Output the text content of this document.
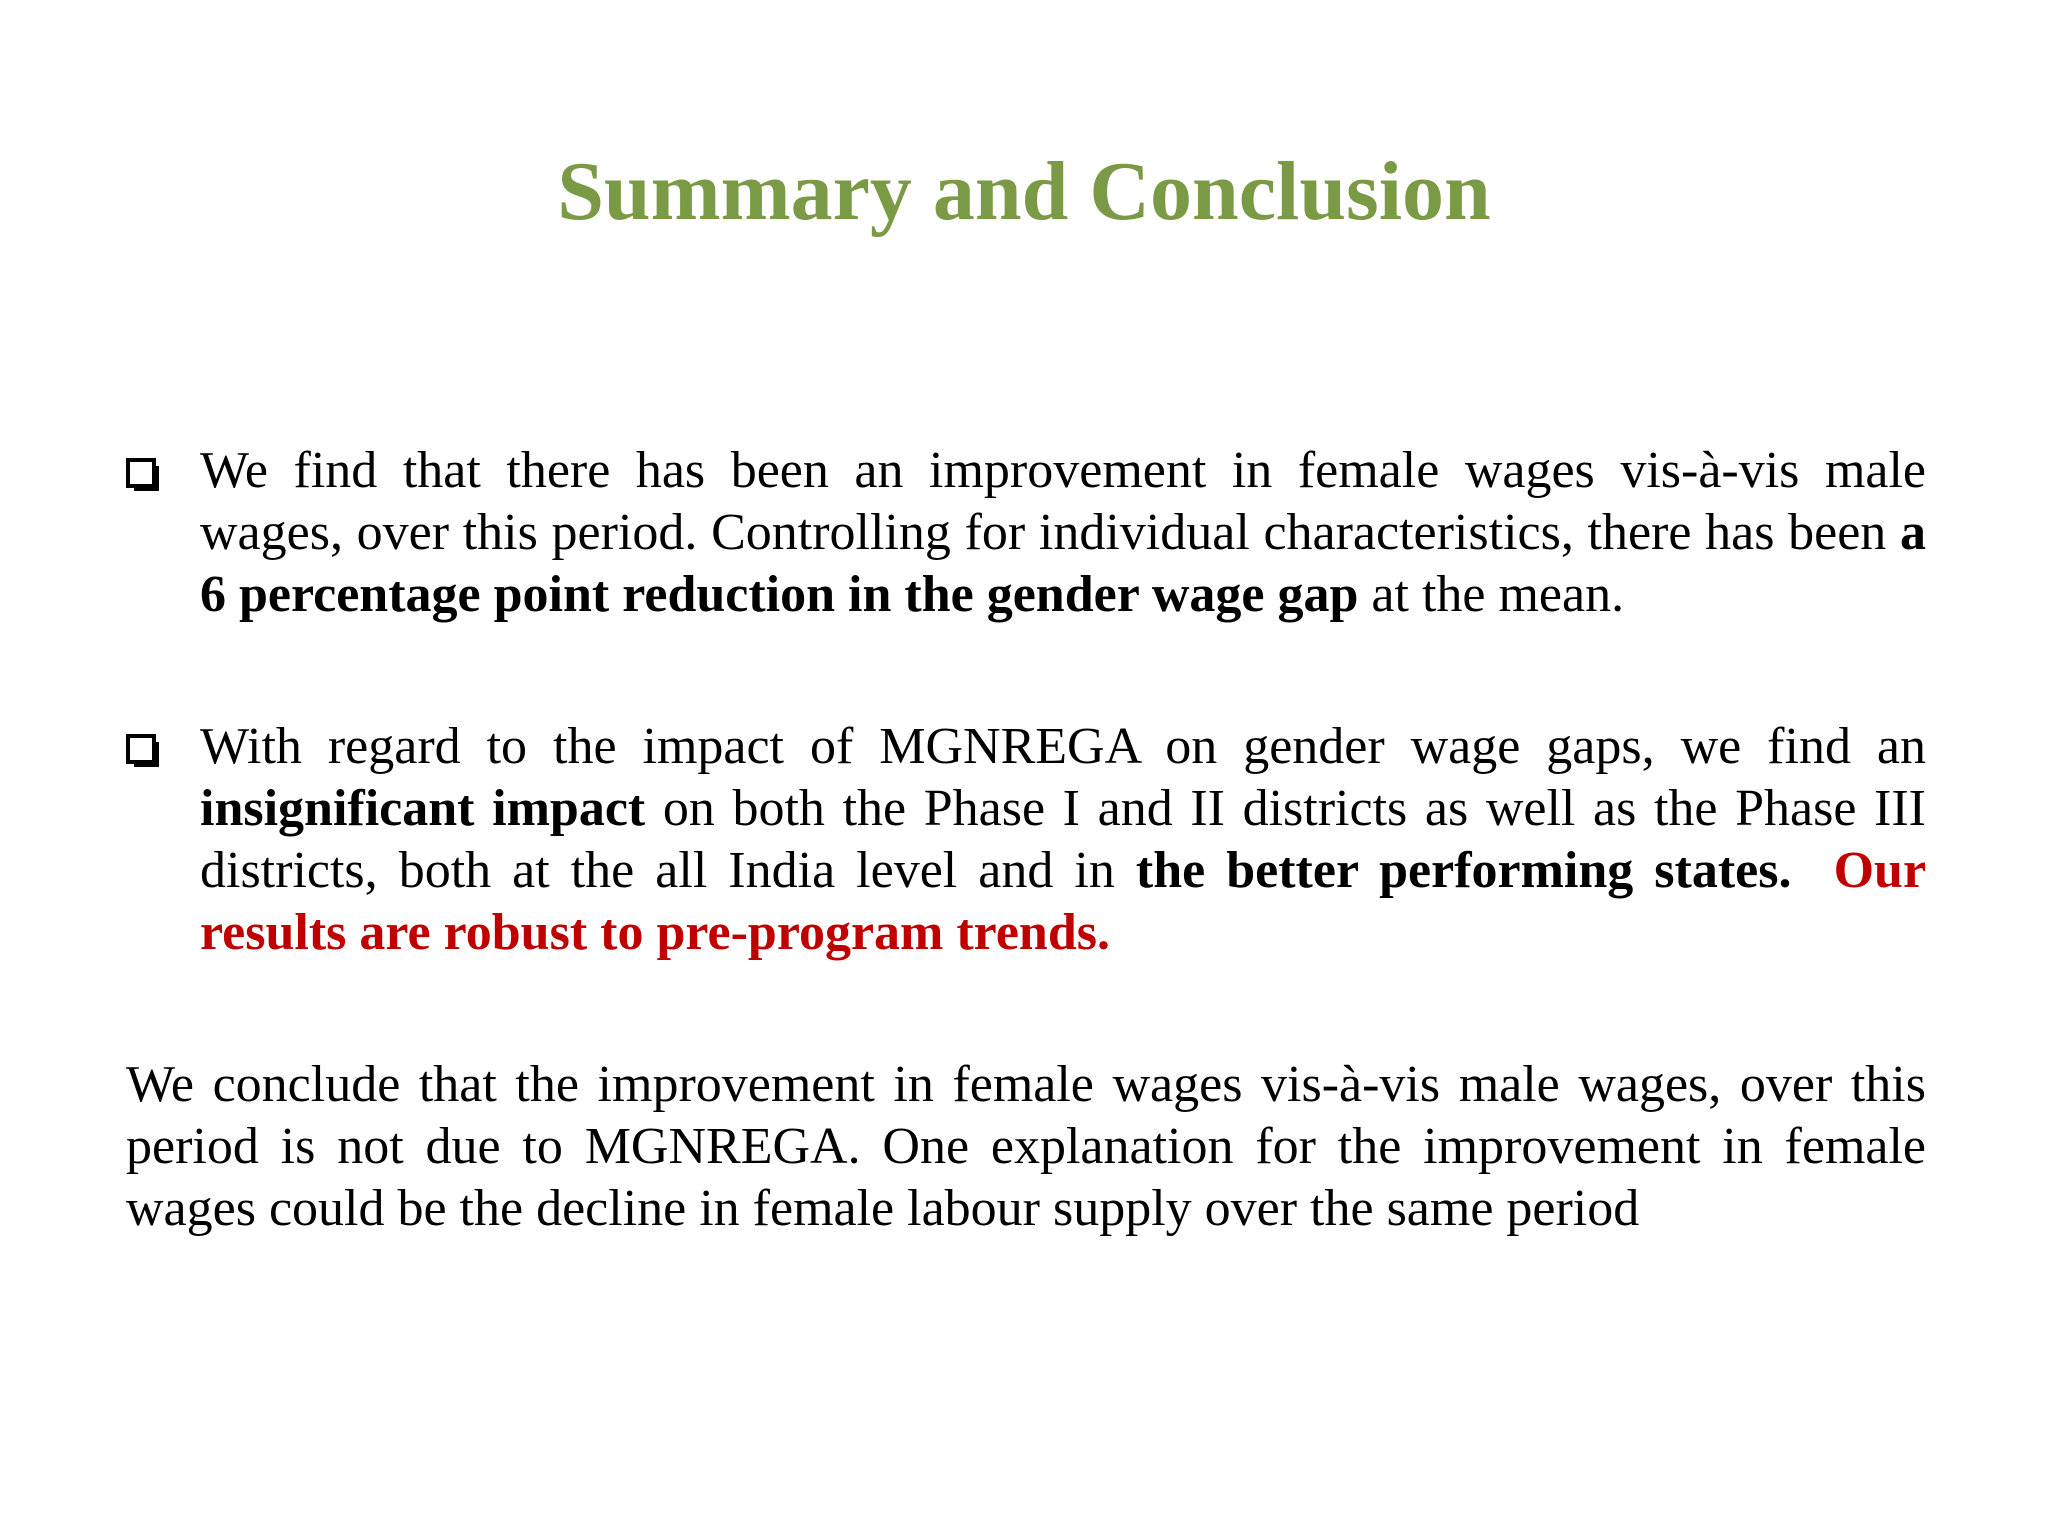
Summary and Conclusion
We find that there has been an improvement in female wages vis-à-vis male wages, over this period. Controlling for individual characteristics, there has been a 6 percentage point reduction in the gender wage gap at the mean.
With regard to the impact of MGNREGA on gender wage gaps, we find an insignificant impact on both the Phase I and II districts as well as the Phase III districts, both at the all India level and in the better performing states. Our results are robust to pre-program trends.

We conclude that the improvement in female wages vis-à-vis male wages, over this period is not due to MGNREGA. One explanation for the improvement in female wages could be the decline in female labour supply over the same period
